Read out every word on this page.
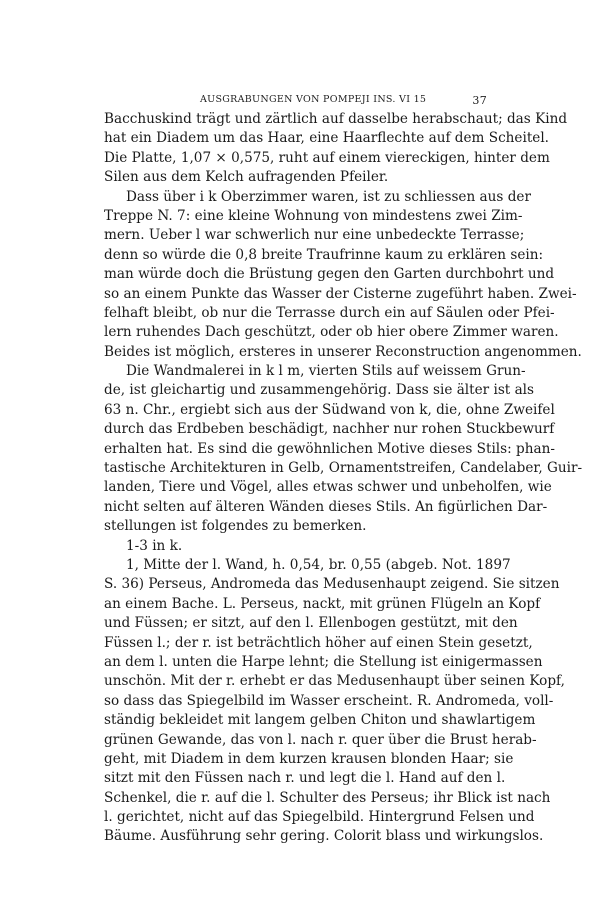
AUSGRABUNGEN VON POMPEJI INS. VI 15	37
Bacchuskind trägt und zärtlich auf dasselbe herabschaut; das Kind
hat ein Diadem um das Haar, eine Haarflechte auf dem Scheitel.
Die Platte, 1,07 × 0,575, ruht auf einem viereckigen, hinter dem
Silen aus dem Kelch aufragenden Pfeiler.
Dass über i k Oberzimmer waren, ist zu schliessen aus der
Treppe N. 7: eine kleine Wohnung von mindestens zwei Zim-
mern. Ueber l war schwerlich nur eine unbedeckte Terrasse;
denn so würde die 0,8 breite Traufrinne kaum zu erklären sein:
man würde doch die Brüstung gegen den Garten durchbohrt und
so an einem Punkte das Wasser der Cisterne zugeführt haben. Zwei-
felhaft bleibt, ob nur die Terrasse durch ein auf Säulen oder Pfei-
lern ruhendes Dach geschützt, oder ob hier obere Zimmer waren.
Beides ist möglich, ersteres in unserer Reconstruction angenommen.
Die Wandmalerei in k l m, vierten Stils auf weissem Grun-
de, ist gleichartig und zusammengehörig. Dass sie älter ist als
63 n. Chr., ergiebt sich aus der Südwand von k, die, ohne Zweifel
durch das Erdbeben beschädigt, nachher nur rohen Stuckbewurf
erhalten hat. Es sind die gewöhnlichen Motive dieses Stils: phan-
tastische Architekturen in Gelb, Ornamentstreifen, Candelaber, Guir-
landen, Tiere und Vögel, alles etwas schwer und unbeholfen, wie
nicht selten auf älteren Wänden dieses Stils. An figürlichen Dar-
stellungen ist folgendes zu bemerken.
1-3 in k.
1, Mitte der l. Wand, h. 0,54, br. 0,55 (abgeb. Not. 1897
S. 36) Perseus, Andromeda das Medusenhaupt zeigend. Sie sitzen
an einem Bache. L. Perseus, nackt, mit grünen Flügeln an Kopf
und Füssen; er sitzt, auf den l. Ellenbogen gestützt, mit den
Füssen l.; der r. ist beträchtlich höher auf einen Stein gesetzt,
an dem l. unten die Harpe lehnt; die Stellung ist einigermassen
unschön. Mit der r. erhebt er das Medusenhaupt über seinen Kopf,
so dass das Spiegelbild im Wasser erscheint. R. Andromeda, voll-
ständig bekleidet mit langem gelben Chiton und shawlartigem
grünen Gewande, das von l. nach r. quer über die Brust herab-
geht, mit Diadem in dem kurzen krausen blonden Haar; sie
sitzt mit den Füssen nach r. und legt die l. Hand auf den l.
Schenkel, die r. auf die l. Schulter des Perseus; ihr Blick ist nach
l. gerichtet, nicht auf das Spiegelbild. Hintergrund Felsen und
Bäume. Ausführung sehr gering. Colorit blass und wirkungslos.
